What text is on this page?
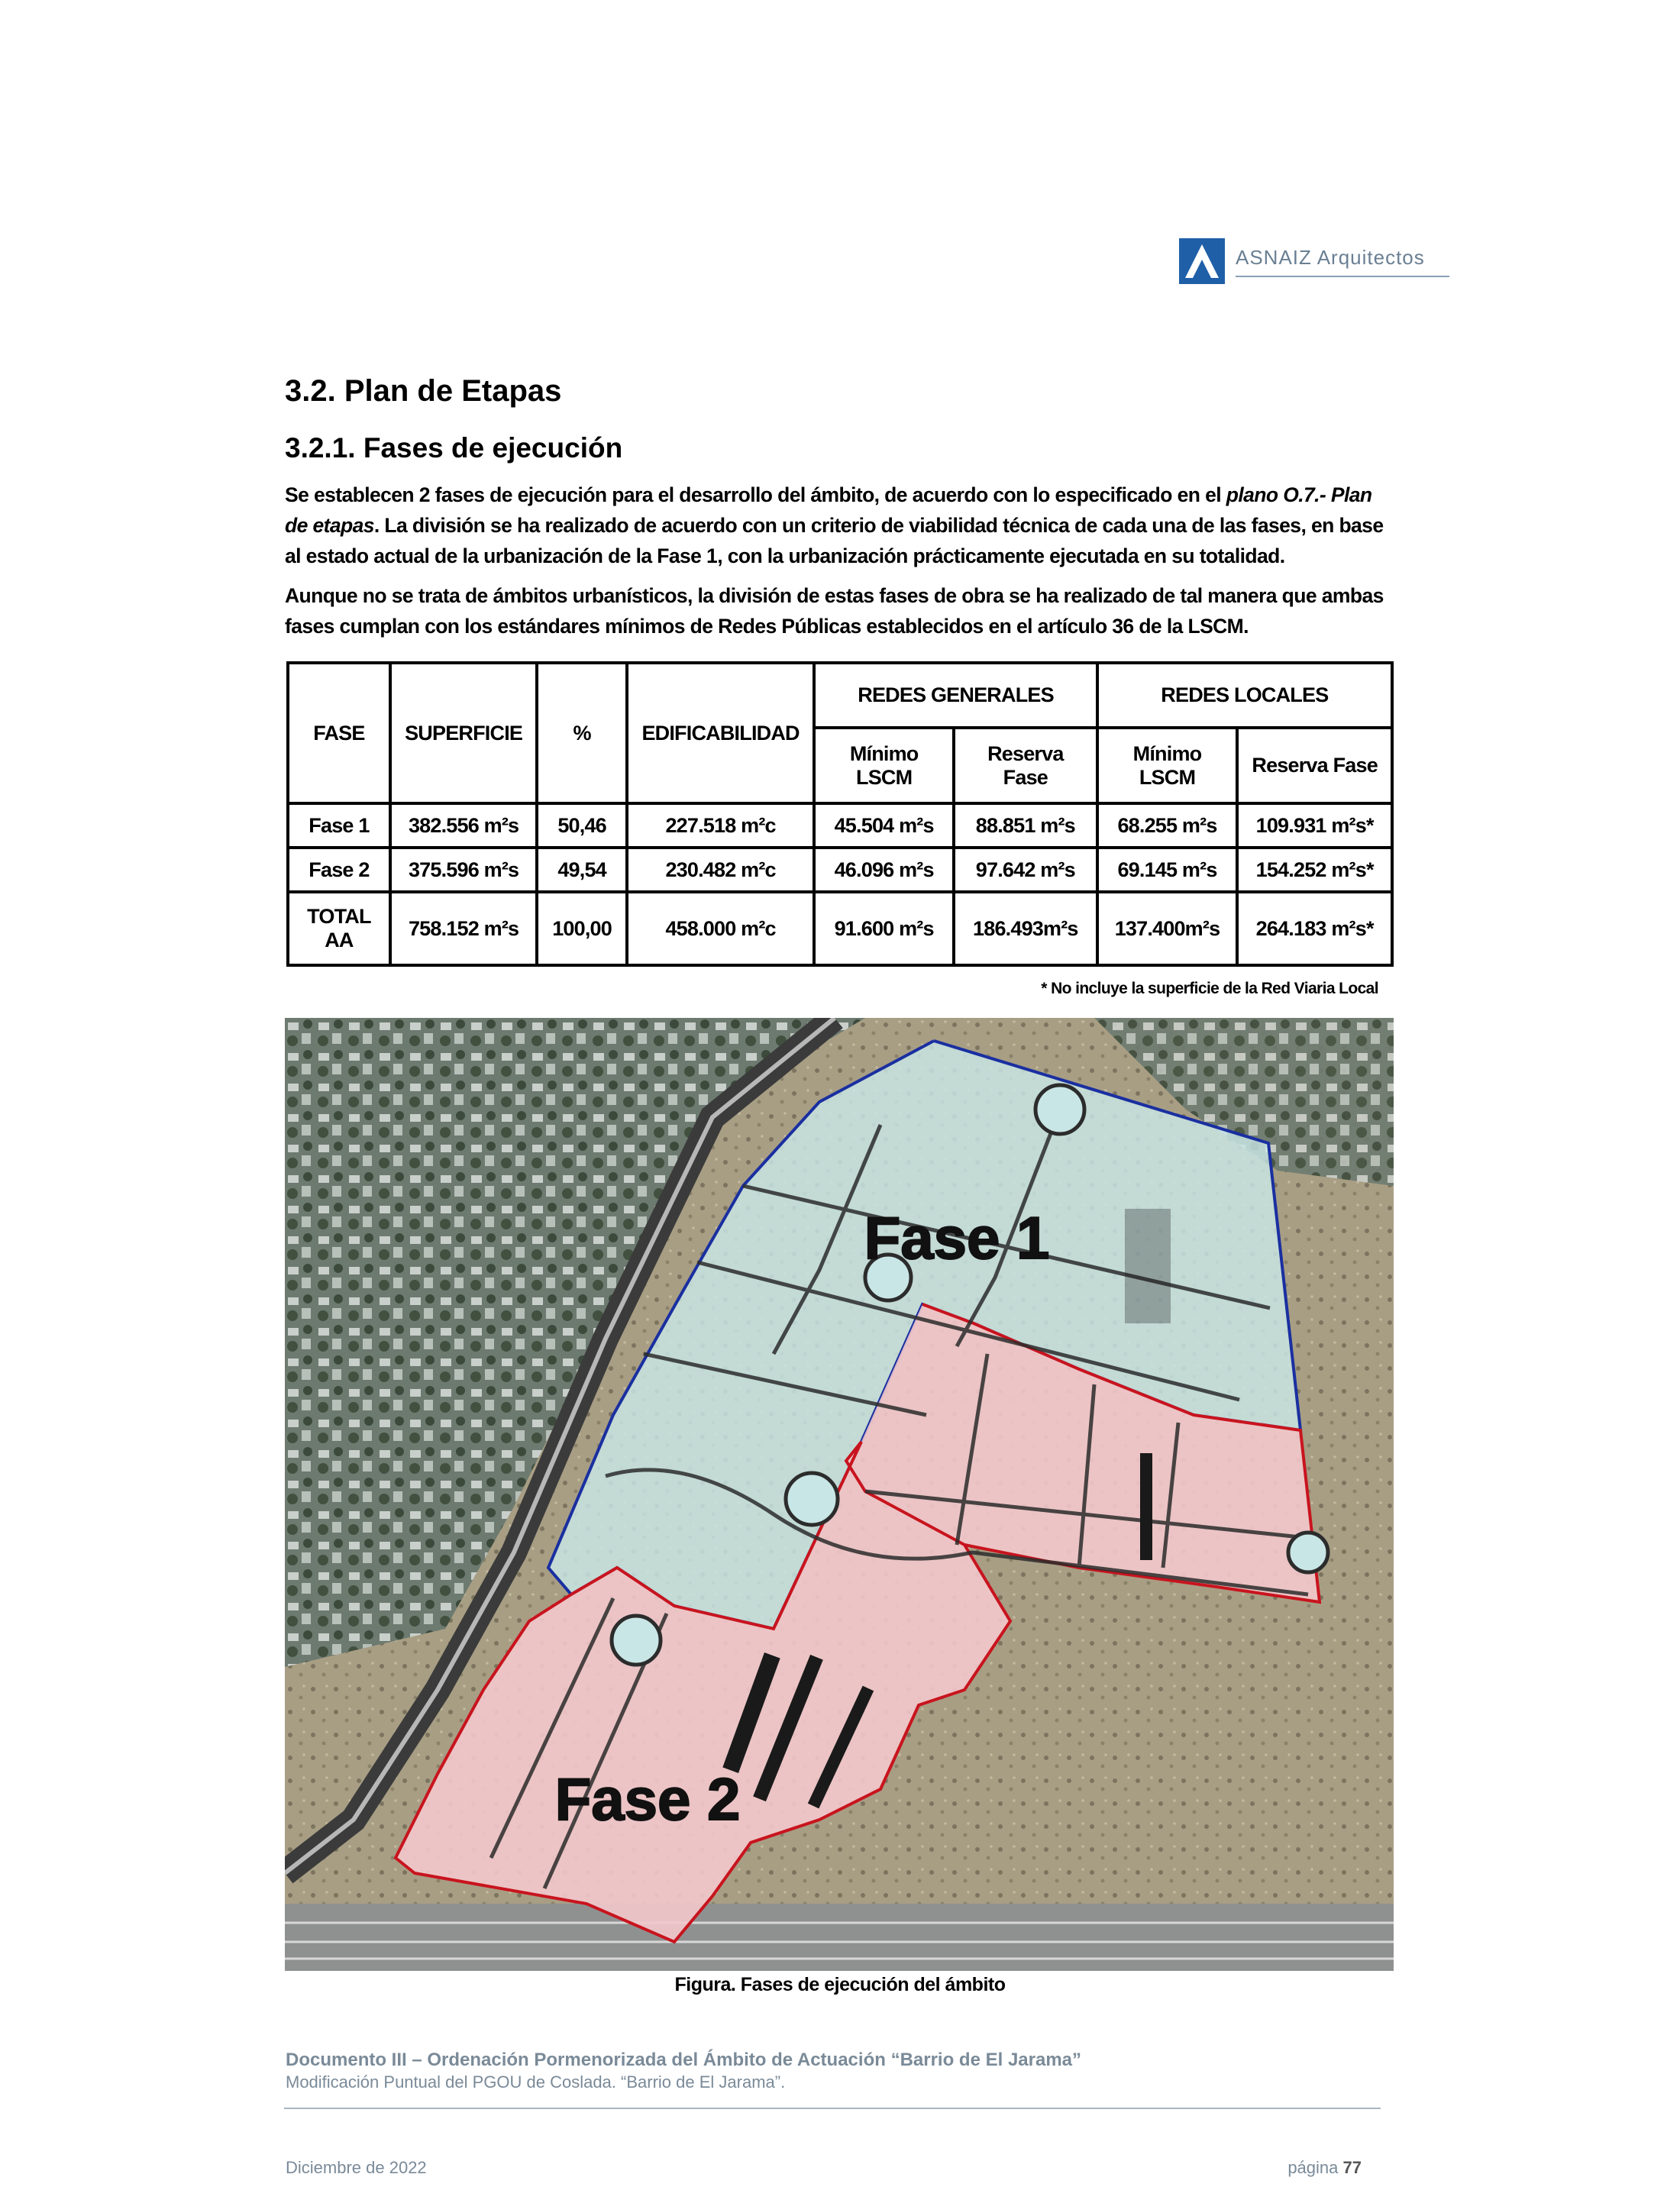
ASNAIZ Arquitectos
3.2. Plan de Etapas
3.2.1. Fases de ejecución

Se establecen 2 fases de ejecución para el desarrollo del ámbito, de acuerdo con lo especificado en el plano O.7.- Plan de etapas. La división se ha realizado de acuerdo con un criterio de viabilidad técnica de cada una de las fases, en base al estado actual de la urbanización de la Fase 1, con la urbanización prácticamente ejecutada en su totalidad.

Aunque no se trata de ámbitos urbanísticos, la división de estas fases de obra se ha realizado de tal manera que ambas fases cumplan con los estándares mínimos de Redes Públicas establecidos en el artículo 36 de la LSCM.

FASE	SUPERFICIE	%	EDIFICABILIDAD	REDES GENERALES		REDES LOCALES	
				Mínimo LSCM	Reserva Fase	Mínimo LSCM	Reserva Fase
Fase 1	382.556 m²s	50,46	227.518 m²c	45.504 m²s	88.851 m²s	68.255 m²s	109.931 m²s*
Fase 2	375.596 m²s	49,54	230.482 m²c	46.096 m²s	97.642 m²s	69.145 m²s	154.252 m²s*
TOTAL AA	758.152 m²s	100,00	458.000 m²c	91.600 m²s	186.493m²s	137.400m²s	264.183 m²s*
* No incluye la superficie de la Red Viaria Local
Fase 1
Fase 2
Figura. Fases de ejecución del ámbito
Documento III – Ordenación Pormenorizada del Ámbito de Actuación “Barrio de El Jarama”
Modificación Puntual del PGOU de Coslada. “Barrio de El Jarama”.
Diciembre de 2022	página 77
